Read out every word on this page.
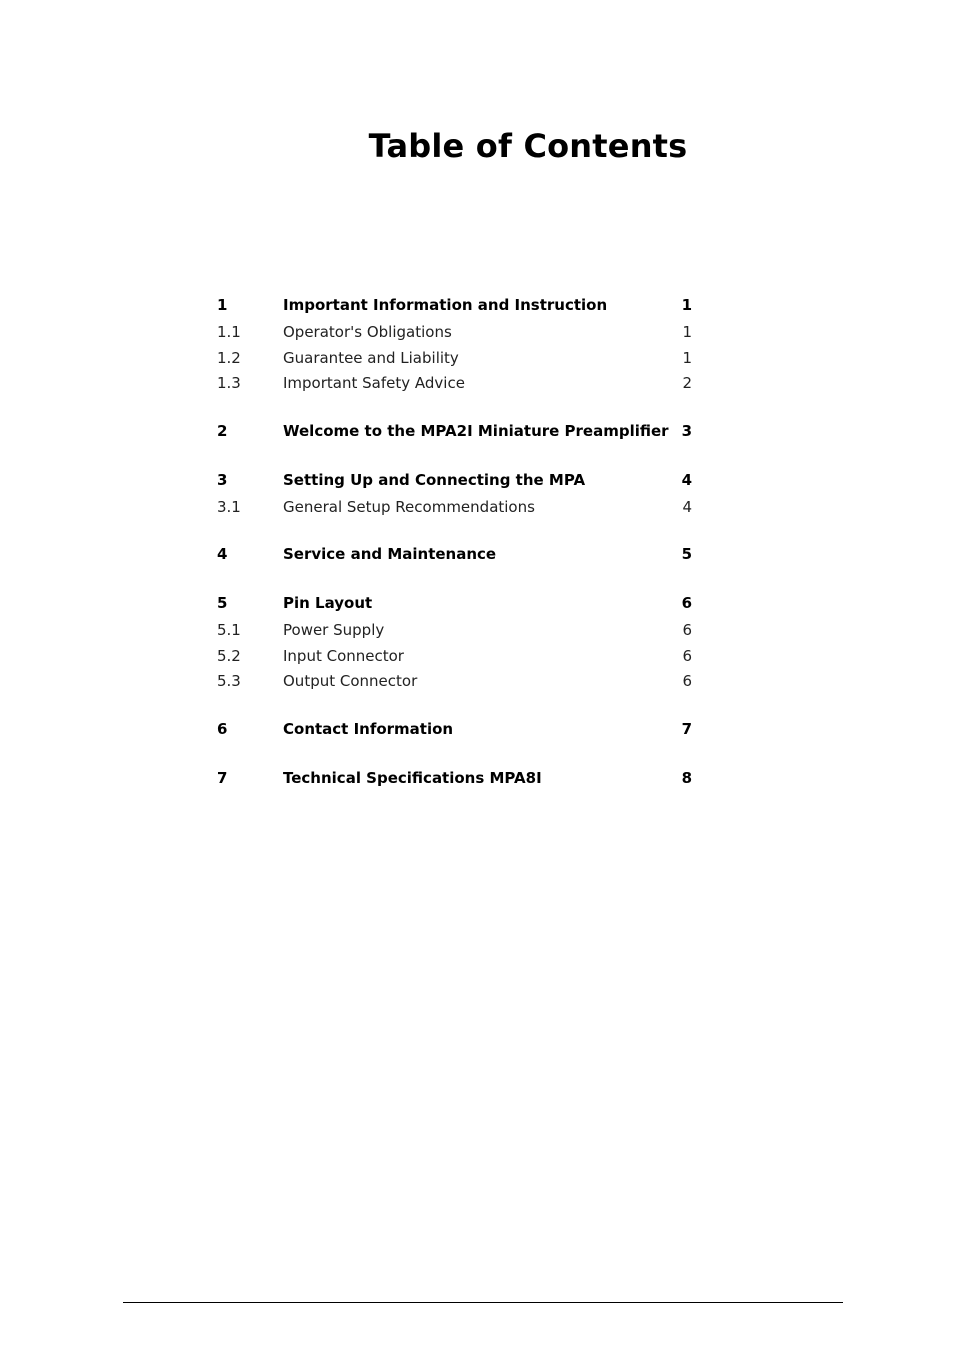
Table of Contents
1	Important Information and Instruction	1
1.1	Operator's Obligations	1
1.2	Guarantee and Liability	1
1.3	Important Safety Advice	2
2	Welcome to the MPA2I Miniature Preamplifier 3
3	Setting Up and Connecting the MPA	4
3.1	General Setup Recommendations	4
4	Service and Maintenance	5
5	Pin Layout	6
5.1	Power Supply	6
5.2	Input Connector	6
5.3	Output Connector	6
6	Contact Information	7
7	Technical Specifications MPA8I	8
